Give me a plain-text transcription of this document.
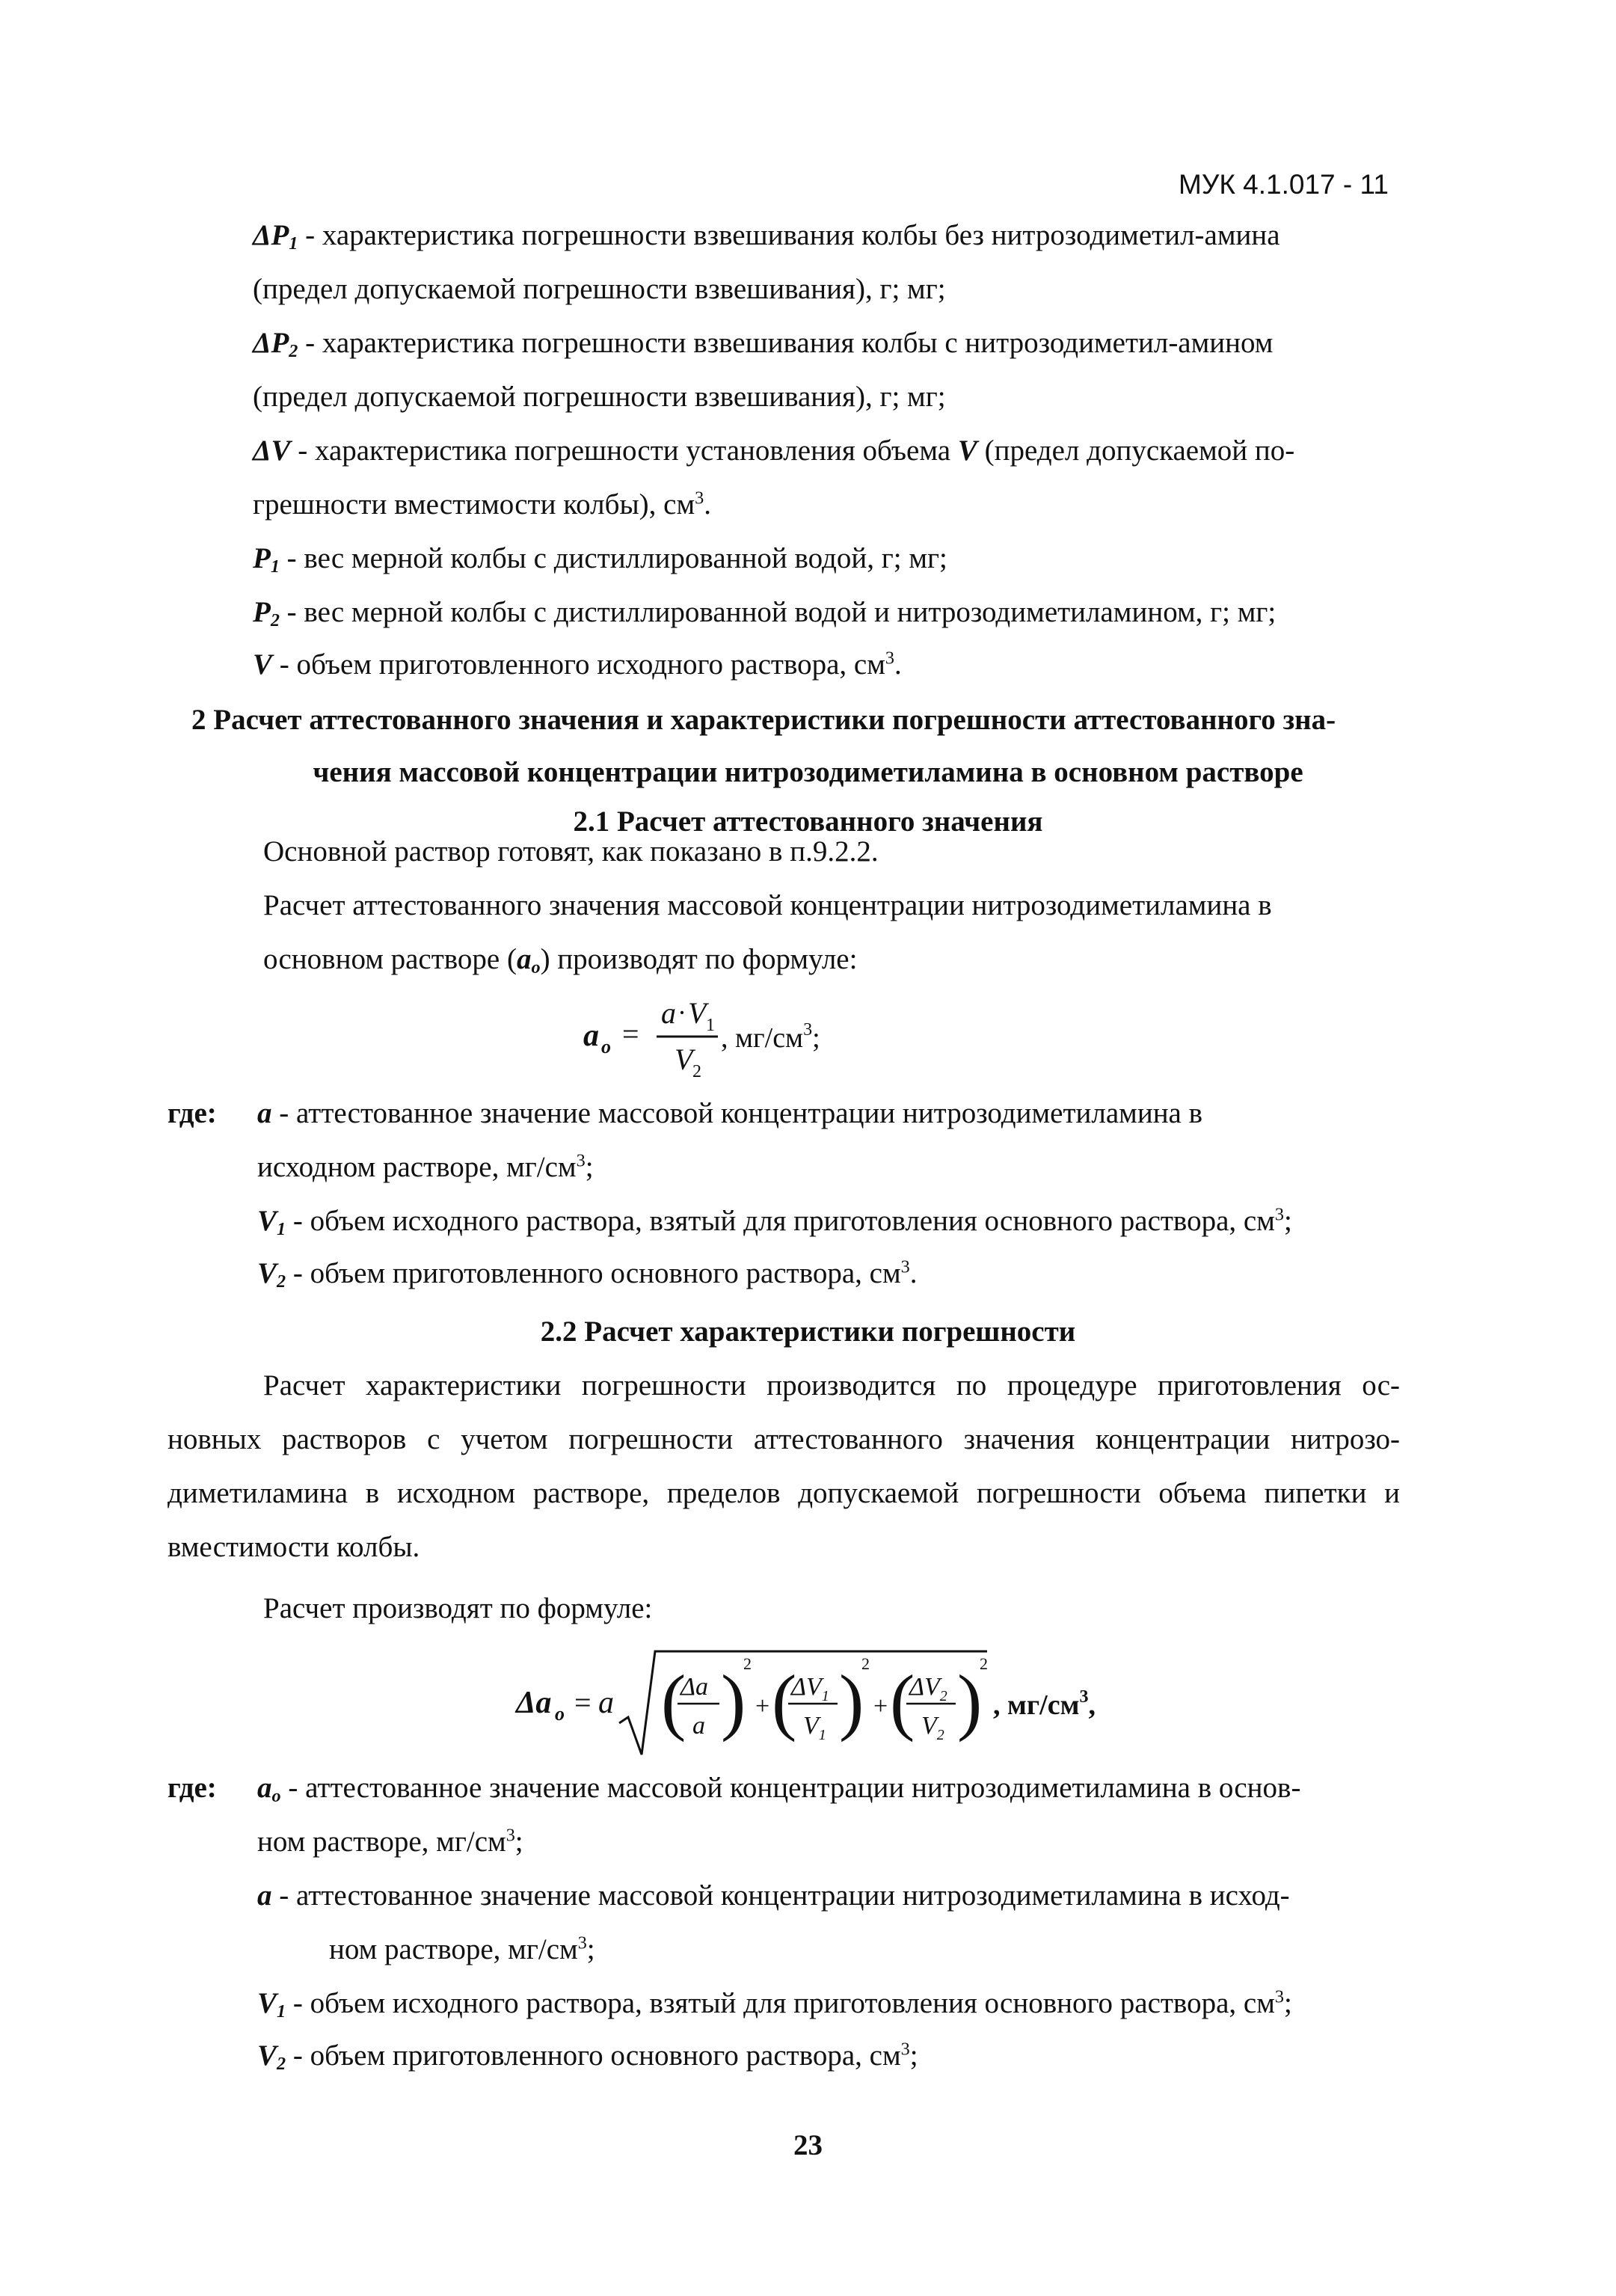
МУК 4.1.017 - 11
$\Delta P_1$ - характеристика погрешности взвешивания колбы без нитрозодиметил-амина
(предел допускаемой погрешности взвешивания), г; мг;
$\Delta P_2$ - характеристика погрешности взвешивания колбы с нитрозодиметил-амином
(предел допускаемой погрешности взвешивания), г; мг;
ΔV - характеристика погрешности установления объема V (предел допускаемой по-
грешности вместимости колбы), $см^3$.
$P_1$ - вес мерной колбы с дистиллированной водой, г; мг;
$P_2$ - вес мерной колбы с дистиллированной водой и нитрозодиметиламином, г; мг;
V - объем приготовленного исходного раствора, $см^3$.
2 Расчет аттестованного значения и характеристики погрешности аттестованного зна-
чения массовой концентрации нитрозодиметиламина в основном растворе
2.1 Расчет аттестованного значения
Основной раствор готовят, как показано в п.9.2.2.
Расчет аттестованного значения массовой концентрации нитрозодиметиламина в
основном растворе $(a_o)$ производят по формуле:
a o =
a · V 1
V 2
, $мг/см^3$;
где: a - аттестованное значение массовой концентрации нитрозодиметиламина в
исходном растворе, $мг/см^3$;
$V_1$ - объем исходного раствора, взятый для приготовления основного раствора, $см^3$;
$V_2$ - объем приготовленного основного раствора, $см^3$.
2.2 Расчет характеристики погрешности
Расчет характеристики погрешности производится по процедуре приготовления ос-
новных растворов с учетом погрешности аттестованного значения концентрации нитрозо-
диметиламина в исходном растворе, пределов допускаемой погрешности объема пипетки и
вместимости колбы.
Расчет производят по формуле:
Δa o = a (
Δa
a )
2
+ (
$\Delta V_1$
$V_1$ )
2
+ (
$\Delta V_2$
$V_2$ )
2
, $мг/см^3$,
где: $a_o$ - аттестованное значение массовой концентрации нитрозодиметиламина в основ-
ном растворе, $мг/см^3$;
a - аттестованное значение массовой концентрации нитрозодиметиламина в исход-
ном растворе, $мг/см^3$;
$V_1$ - объем исходного раствора, взятый для приготовления основного раствора, $см^3$;
$V_2$ - объем приготовленного основного раствора, $см^3$;
23
